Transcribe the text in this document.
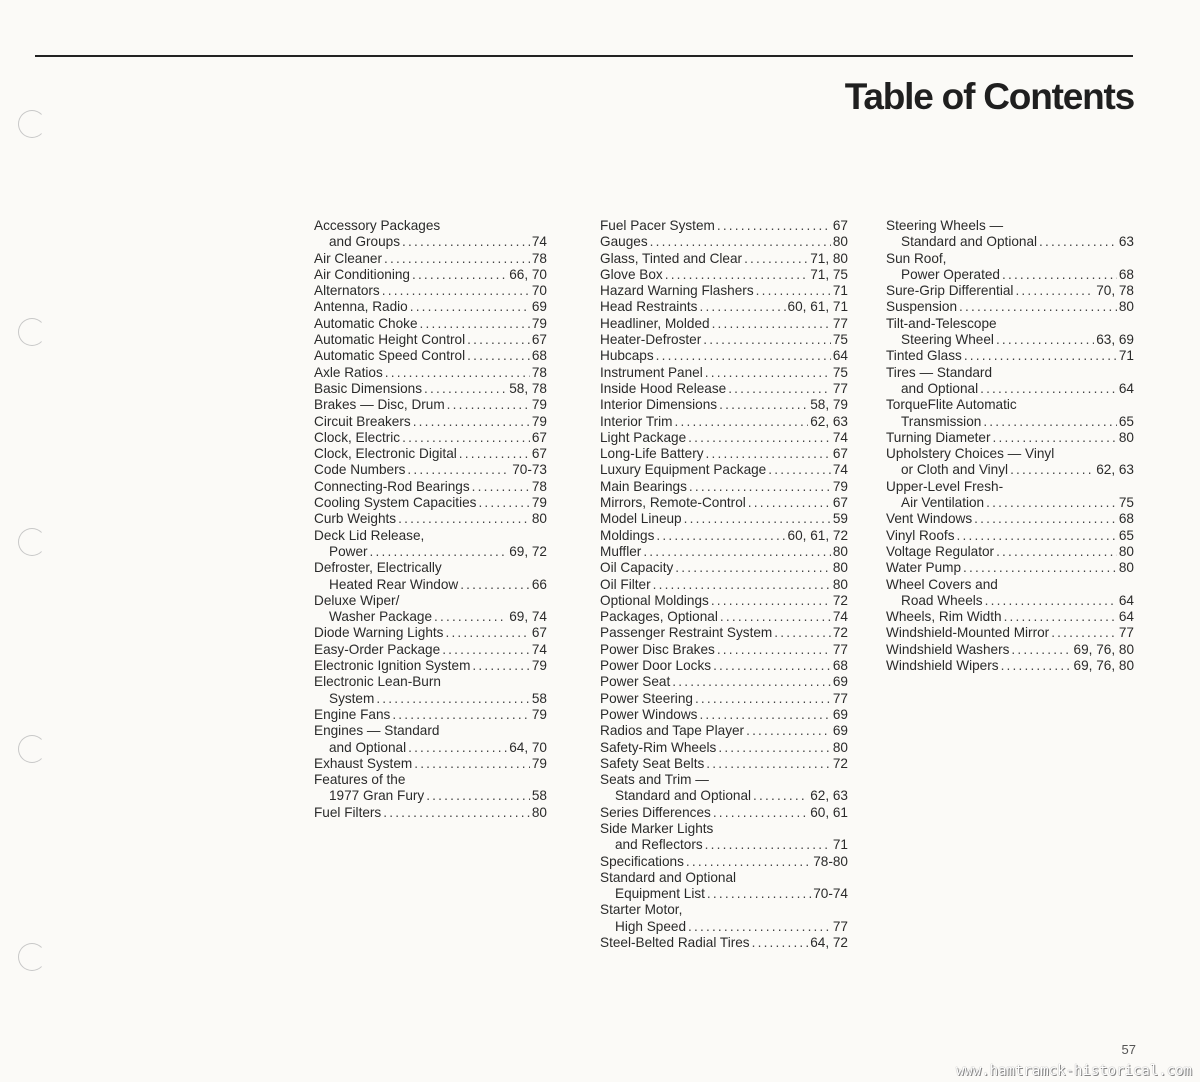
Table of Contents
Accessory Packages
and Groups .....	74
Air Cleaner .....	78
Air Conditioning .....	66, 70
Alternators .....	70
Antenna, Radio .....	69
Automatic Choke .....	79
Automatic Height Control .....	67
Automatic Speed Control .....	68
Axle Ratios .....	78
Basic Dimensions .....	58, 78
Brakes — Disc, Drum .....	79
Circuit Breakers .....	79
Clock, Electric .....	67
Clock, Electronic Digital .....	67
Code Numbers .....	70-73
Connecting-Rod Bearings .....	78
Cooling System Capacities .....	79
Curb Weights .....	80
Deck Lid Release,
Power .....	69, 72
Defroster, Electrically
Heated Rear Window .....	66
Deluxe Wiper/
Washer Package .....	69, 74
Diode Warning Lights .....	67
Easy-Order Package .....	74
Electronic Ignition System .....	79
Electronic Lean-Burn
System .....	58
Engine Fans .....	79
Engines — Standard
and Optional .....	64, 70
Exhaust System .....	79
Features of the
1977 Gran Fury .....	58
Fuel Filters .....	80
Fuel Pacer System .....	67
Gauges .....	80
Glass, Tinted and Clear .....	71, 80
Glove Box .....	71, 75
Hazard Warning Flashers .....	71
Head Restraints .....	60, 61, 71
Headliner, Molded .....	77
Heater-Defroster .....	75
Hubcaps .....	64
Instrument Panel .....	75
Inside Hood Release .....	77
Interior Dimensions .....	58, 79
Interior Trim .....	62, 63
Light Package .....	74
Long-Life Battery .....	67
Luxury Equipment Package .....	74
Main Bearings .....	79
Mirrors, Remote-Control .....	67
Model Lineup .....	59
Moldings .....	60, 61, 72
Muffler .....	80
Oil Capacity .....	80
Oil Filter .....	80
Optional Moldings .....	72
Packages, Optional .....	74
Passenger Restraint System .....	72
Power Disc Brakes .....	77
Power Door Locks .....	68
Power Seat .....	69
Power Steering .....	77
Power Windows .....	69
Radios and Tape Player .....	69
Safety-Rim Wheels .....	80
Safety Seat Belts .....	72
Seats and Trim —
Standard and Optional .....	62, 63
Series Differences .....	60, 61
Side Marker Lights
and Reflectors .....	71
Specifications .....	78-80
Standard and Optional
Equipment List .....	70-74
Starter Motor,
High Speed .....	77
Steel-Belted Radial Tires .....	64, 72
Steering Wheels —
Standard and Optional .....	63
Sun Roof,
Power Operated .....	68
Sure-Grip Differential .....	70, 78
Suspension .....	80
Tilt-and-Telescope
Steering Wheel .....	63, 69
Tinted Glass .....	71
Tires — Standard
and Optional .....	64
TorqueFlite Automatic
Transmission .....	65
Turning Diameter .....	80
Upholstery Choices — Vinyl
or Cloth and Vinyl .....	62, 63
Upper-Level Fresh-
Air Ventilation .....	75
Vent Windows .....	68
Vinyl Roofs .....	65
Voltage Regulator .....	80
Water Pump .....	80
Wheel Covers and
Road Wheels .....	64
Wheels, Rim Width .....	64
Windshield-Mounted Mirror .....	77
Windshield Washers .....	69, 76, 80
Windshield Wipers .....	69, 76, 80
57
www.hamtramck-historical.com
